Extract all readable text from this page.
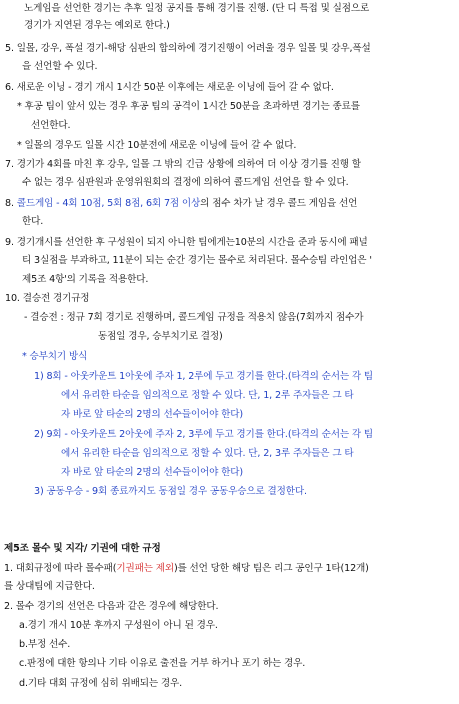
노게임을 선언한 경기는 추후 일정 공지를 통해 경기를 진행. (단 디 특접 및 실점으로
경기가 지연된 경우는 예외로 한다.)
5. 일몰, 강우, 폭설 경기-해당 심판의 합의하에 경기진행이 어려울 경우 일몰 및 강우,폭설
을 선언할 수 있다.
6. 새로운 이닝 - 경기 개시 1시간 50분 이후에는 새로운 이닝에 들어 갈 수 없다.
* 후공 팀이 앞서 있는 경우 후공 팀의 공격이 1시간 50분을 초과하면 경기는 종료를
선언한다.
* 일몰의 경우도 일몰 시간 10분전에 새로운 이닝에 들어 갈 수 없다.
7. 경기가 4회를 마친 후 강우, 일몰 그 밖의 긴급 상황에 의하여 더 이상 경기를 진행 할
수 없는 경우 심판원과 운영위원회의 결정에 의하여 콜드게임 선언을 할 수 있다.
8. 콜드게임 - 4회 10점, 5회 8점, 6회 7점 이상의 점수 차가 날 경우 콜드 게임을 선언
한다.
9. 경기개시를 선언한 후 구성원이 되지 아니한 팀에게는10분의 시간을 준과 동시에 패널
티 3실점을 부과하고, 11분이 되는 순간 경기는 몰수로 처리된다. 몰수승팀 라인업은 '
제5조 4항'의 기록을 적용한다.
10. 결승전 경기규정
- 결승전 : 정규 7회 경기로 진행하며, 콜드게임 규정을 적용치 않음(7회까지 점수가
동점일 경우, 승부치기로 결정)
* 승부치기 방식
1) 8회 - 아웃카운트 1아웃에 주자 1, 2루에 두고 경기를 한다.(타격의 순서는 각 팀
에서 유리한 타순을 임의적으로 정할 수 있다. 단, 1, 2루 주자들은 그 타
자 바로 앞 타순의 2명의 선수들이어야 한다)
2) 9회 - 아웃카운트 2아웃에 주자 2, 3루에 두고 경기를 한다.(타격의 순서는 각 팀
에서 유리한 타순을 임의적으로 정할 수 있다. 단, 2, 3루 주자들은 그 타
자 바로 앞 타순의 2명의 선수들이어야 한다)
3) 공동우승 - 9회 종료까지도 동점일 경우 공동우승으로 결정한다.
제5조 몰수 및 지각/ 기권에 대한 규정
1. 대회규정에 따라 몰수패(기권패는 제외)를 선언 당한 해당 팀은 리그 공인구 1타(12개)
를 상대팀에 지급한다.
2. 몰수 경기의 선언은 다음과 같은 경우에 해당한다.
a.경기 개시 10분 후까지 구성원이 아니 된 경우.
b.부정 선수.
c.판정에 대한 항의나 기타 이유로 출전을 거부 하거나 포기 하는 경우.
d.기타 대회 규정에 심히 위배되는 경우.
